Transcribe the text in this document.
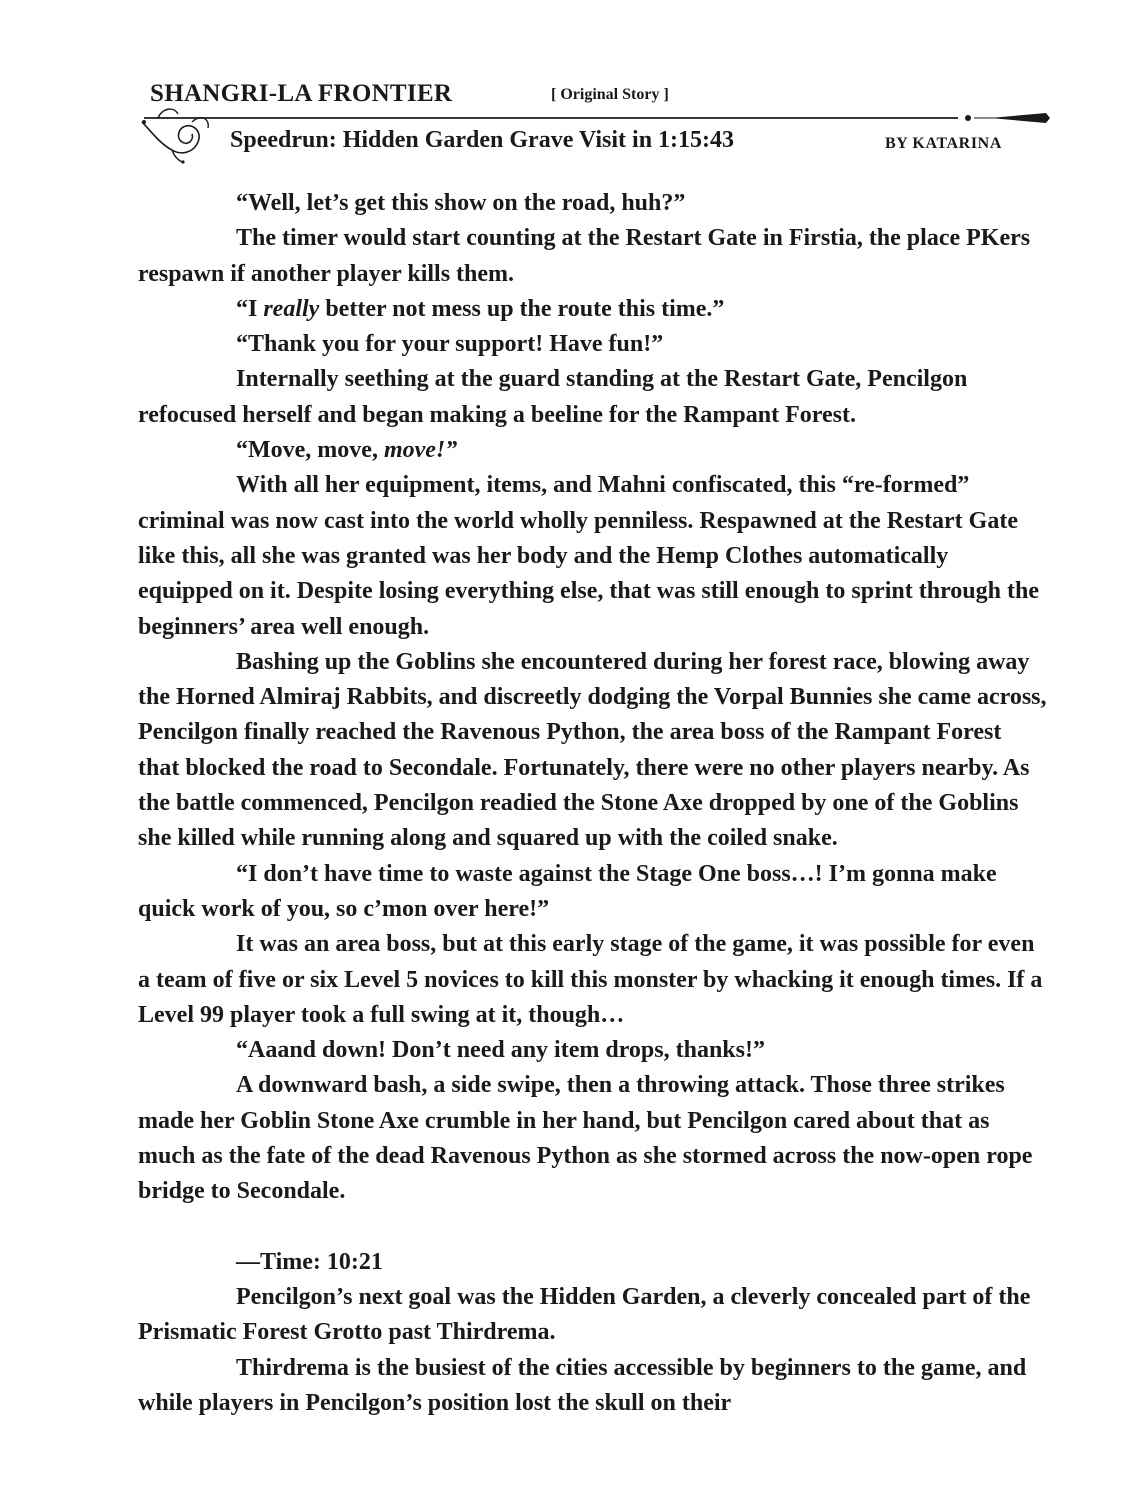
SHANGRI-LA FRONTIER	[ Original Story ]
Speedrun: Hidden Garden Grave Visit in 1:15:43	BY KATARINA

“Well, let’s get this show on the road, huh?”

The timer would start counting at the Restart Gate in Firstia, the place PKers respawn if another player kills them.

“I really better not mess up the route this time.”

“Thank you for your support! Have fun!”

Internally seething at the guard standing at the Restart Gate, Pencilgon refocused herself and began making a beeline for the Rampant Forest.

“Move, move, move!”

With all her equipment, items, and Mahni confiscated, this “re-formed” criminal was now cast into the world wholly penniless. Respawned at the Restart Gate like this, all she was granted was her body and the Hemp Clothes automatically equipped on it. Despite losing everything else, that was still enough to sprint through the beginners’ area well enough.

Bashing up the Goblins she encountered during her forest race, blowing away the Horned Almiraj Rabbits, and discreetly dodging the Vorpal Bunnies she came across, Pencilgon finally reached the Ravenous Python, the area boss of the Rampant Forest that blocked the road to Secondale. Fortunately, there were no other players nearby. As the battle commenced, Pencilgon readied the Stone Axe dropped by one of the Goblins she killed while running along and squared up with the coiled snake.

“I don’t have time to waste against the Stage One boss…! I’m gonna make quick work of you, so c’mon over here!”

It was an area boss, but at this early stage of the game, it was possible for even a team of five or six Level 5 novices to kill this monster by whacking it enough times. If a Level 99 player took a full swing at it, though…

“Aaand down! Don’t need any item drops, thanks!”

A downward bash, a side swipe, then a throwing attack. Those three strikes made her Goblin Stone Axe crumble in her hand, but Pencilgon cared about that as much as the fate of the dead Ravenous Python as she stormed across the now-open rope bridge to Secondale.

—Time: 10:21

Pencilgon’s next goal was the Hidden Garden, a cleverly concealed part of the Prismatic Forest Grotto past Thirdrema.

Thirdrema is the busiest of the cities accessible by beginners to the game, and while players in Pencilgon’s position lost the skull on their
